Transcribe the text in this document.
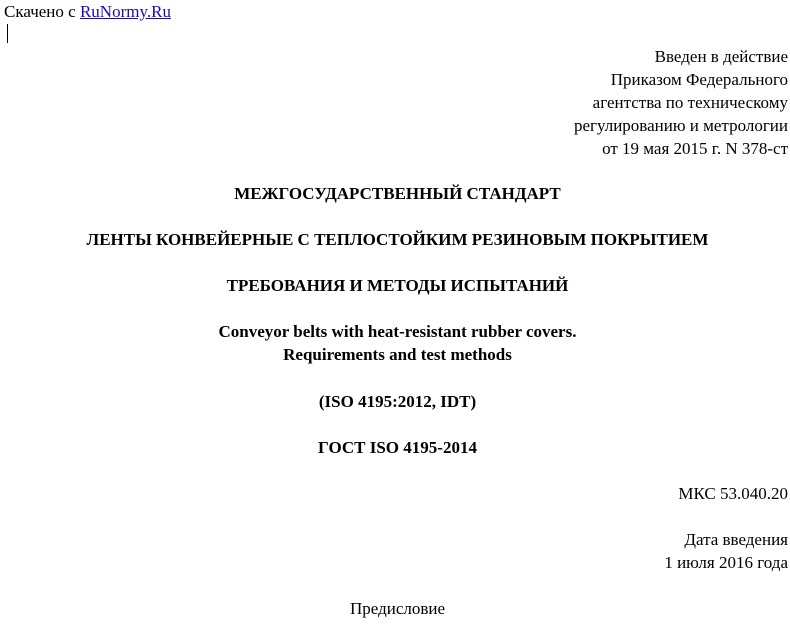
Скачено с RuNormy.Ru
Введен в действие
Приказом Федерального
агентства по техническому
регулированию и метрологии
от 19 мая 2015 г. N 378-ст
МЕЖГОСУДАРСТВЕННЫЙ СТАНДАРТ
ЛЕНТЫ КОНВЕЙЕРНЫЕ С ТЕПЛОСТОЙКИМ РЕЗИНОВЫМ ПОКРЫТИЕМ
ТРЕБОВАНИЯ И МЕТОДЫ ИСПЫТАНИЙ
Conveyor belts with heat-resistant rubber covers.
Requirements and test methods
(ISO 4195:2012, IDT)
ГОСТ ISO 4195-2014
МКС 53.040.20
Дата введения
1 июля 2016 года
Предисловие
